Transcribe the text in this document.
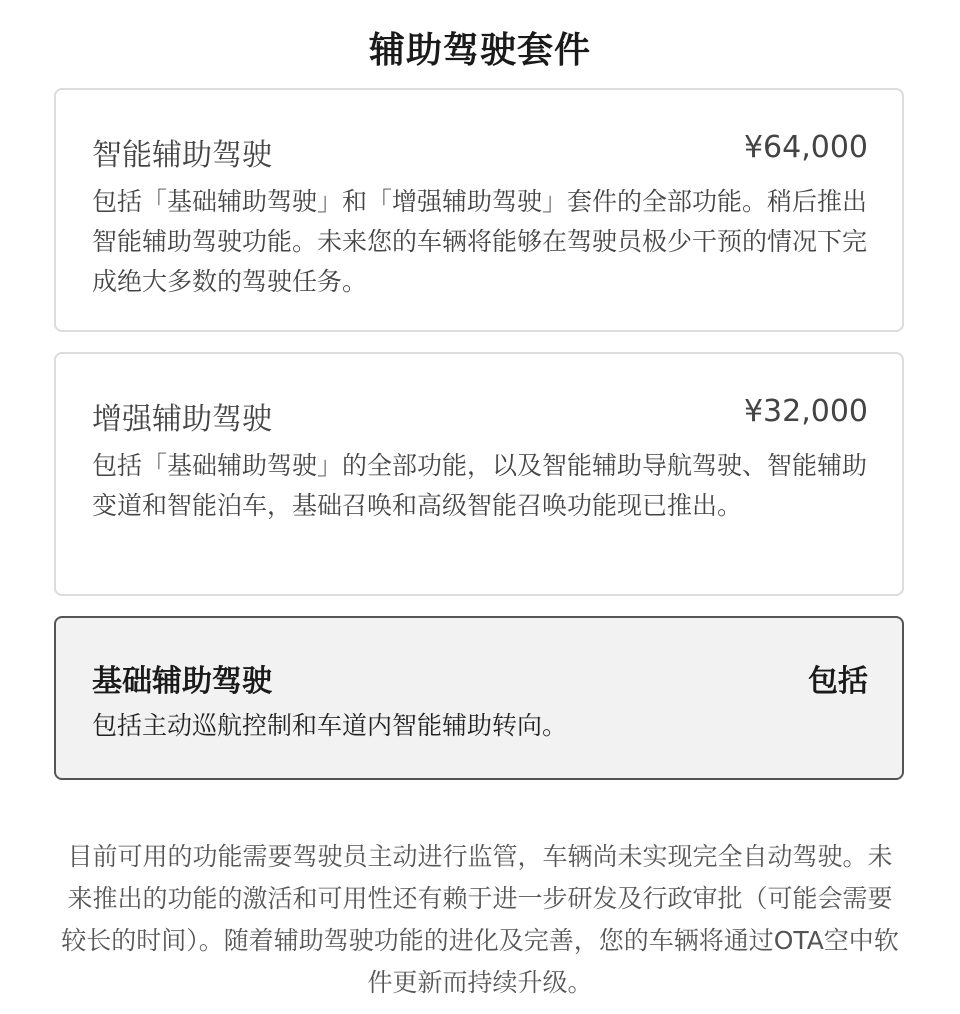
辅助驾驶套件
智能辅助驾驶	¥64,000
包括「基础辅助驾驶」和「增强辅助驾驶」套件的全部功能。稍后推出智能辅助驾驶功能。未来您的车辆将能够在驾驶员极少干预的情况下完成绝大多数的驾驶任务。
增强辅助驾驶	¥32,000
包括「基础辅助驾驶」的全部功能，以及智能辅助导航驾驶、智能辅助变道和智能泊车，基础召唤和高级智能召唤功能现已推出。
基础辅助驾驶	包括
包括主动巡航控制和车道内智能辅助转向。
目前可用的功能需要驾驶员主动进行监管，车辆尚未实现完全自动驾驶。未来推出的功能的激活和可用性还有赖于进一步研发及行政审批（可能会需要较长的时间）。随着辅助驾驶功能的进化及完善，您的车辆将通过OTA空中软件更新而持续升级。
